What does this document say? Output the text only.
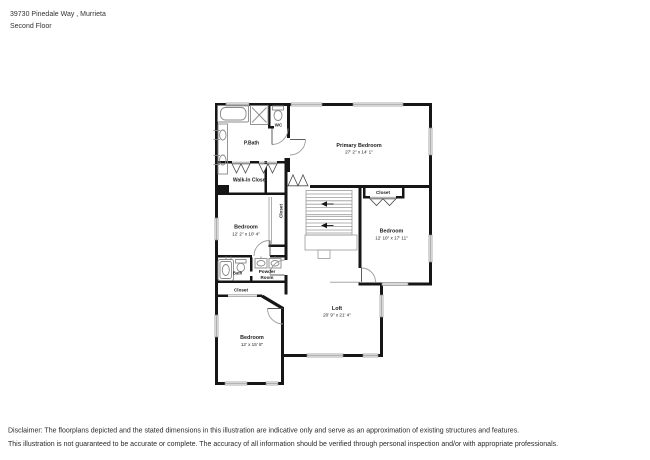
Primary Bedroom
27' 2" x 14' 1"
P.Bath
WC
Walk-In Closet
Closet
Bedroom
12' 2" x 10' 4"
Closet
Bedroom
12' 10" x 17' 11"
Bath	Powder
Room
Closet
Bedroom
12' x 15' 8"
Loft
20' 9" x 21' 4"
39730 Pinedale Way , Murrieta
Second Floor
Disclaimer: The floorplans depicted and the stated dimensions in this illustration are indicative only and serve as an approximation of existing structures and features.
This illustration is not guaranteed to be accurate or complete. The accuracy of all information should be verified through personal inspection and/or with appropriate professionals.
